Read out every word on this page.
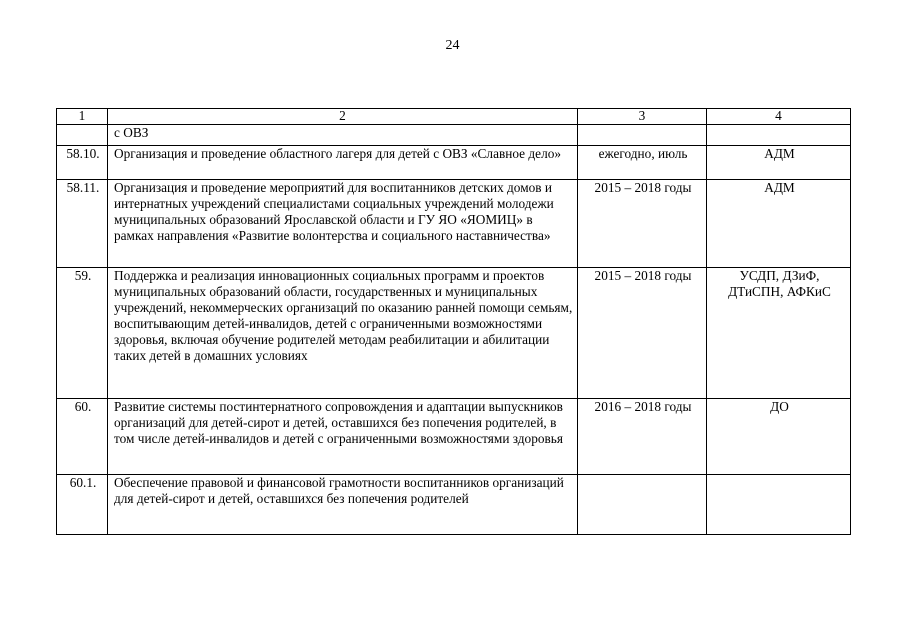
24
1	2	3	4
	с ОВЗ		
58.10.	Организация и проведение областного лагеря для детей с ОВЗ «Славное дело»	ежегодно, июль	АДМ
58.11.	Организация и проведение мероприятий для воспитанников детских домов и интернатных учреждений специалистами социальных учреждений молодежи муниципальных образований Ярославской области и ГУ ЯО «ЯОМИЦ» в рамках направления «Развитие волонтерства и социального наставничества»	2015 – 2018 годы	АДМ
59.	Поддержка и реализация инновационных социальных программ и проектов муниципальных образований области, государственных и муниципальных учреждений, некоммерческих организаций по оказанию ранней помощи семьям, воспитывающим детей-инвалидов, детей с ограниченными возможностями здоровья, включая обучение родителей методам реабилитации и абилитации таких детей в домашних условиях	2015 – 2018 годы	УСДП, ДЗиФ, ДТиСПН, АФКиС
60.	Развитие системы постинтернатного сопровождения и адаптации выпускников организаций для детей-сирот и детей, оставшихся без попечения родителей, в том числе детей-инвалидов и детей с ограниченными возможностями здоровья	2016 – 2018 годы	ДО
60.1.	Обеспечение правовой и финансовой грамотности воспитанников организаций для детей-сирот и детей, оставшихся без попечения родителей		
